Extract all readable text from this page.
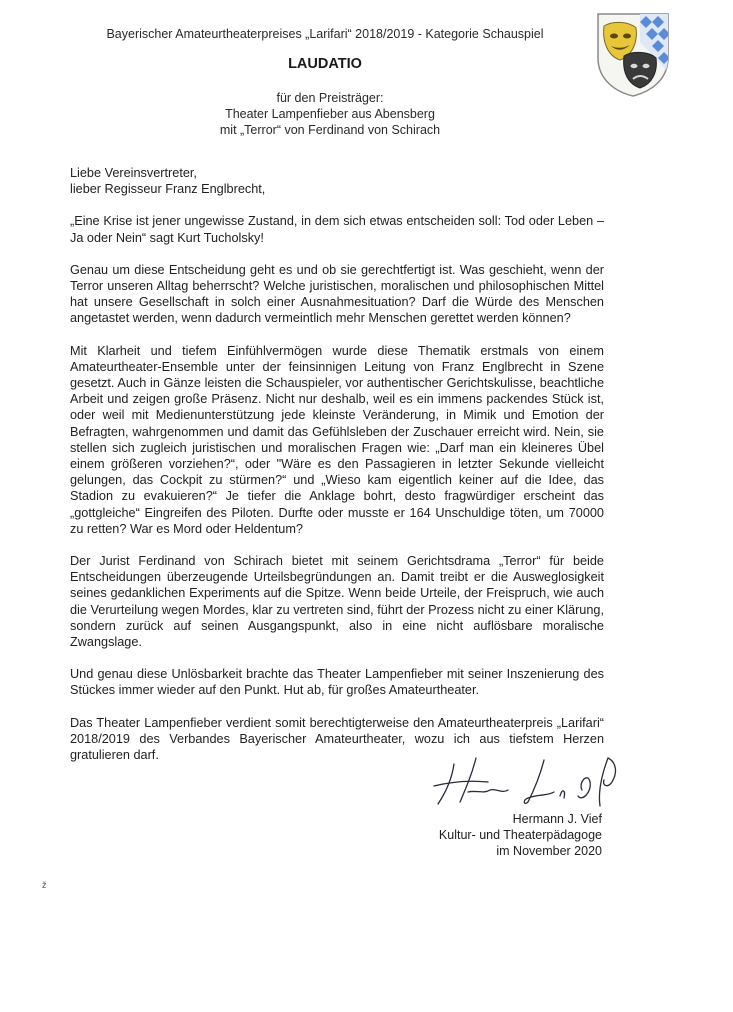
Bayerischer Amateurtheaterpreises „Larifari“ 2018/2019 - Kategorie Schauspiel
LAUDATIO
für den Preisträger:
Theater Lampenfieber aus Abensberg
mit „Terror“ von Ferdinand von Schirach

Liebe Vereinsvertreter,
lieber Regisseur Franz Englbrecht,

„Eine Krise ist jener ungewisse Zustand, in dem sich etwas entscheiden soll: Tod oder Leben – Ja oder Nein“ sagt Kurt Tucholsky!

Genau um diese Entscheidung geht es und ob sie gerechtfertigt ist. Was geschieht, wenn der Terror unseren Alltag beherrscht? Welche juristischen, moralischen und philosophischen Mittel hat unsere Gesellschaft in solch einer Ausnahmesituation? Darf die Würde des Menschen angetastet werden, wenn dadurch vermeintlich mehr Menschen gerettet werden können?

Mit Klarheit und tiefem Einfühlvermögen wurde diese Thematik erstmals von einem Amateurtheater-Ensemble unter der feinsinnigen Leitung von Franz Englbrecht in Szene gesetzt. Auch in Gänze leisten die Schauspieler, vor authentischer Gerichtskulisse, beachtliche Arbeit und zeigen große Präsenz. Nicht nur deshalb, weil es ein immens packendes Stück ist, oder weil mit Medienunterstützung jede kleinste Veränderung, in Mimik und Emotion der Befragten, wahrgenommen und damit das Gefühlsleben der Zuschauer erreicht wird. Nein, sie stellen sich zugleich juristischen und moralischen Fragen wie: „Darf man ein kleineres Übel einem größeren vorziehen?“, oder "Wäre es den Passagieren in letzter Sekunde vielleicht gelungen, das Cockpit zu stürmen?“ und „Wieso kam eigentlich keiner auf die Idee, das Stadion zu evakuieren?“ Je tiefer die Anklage bohrt, desto fragwürdiger erscheint das „gottgleiche“ Eingreifen des Piloten. Durfte oder musste er 164 Unschuldige töten, um 70000 zu retten? War es Mord oder Heldentum?

Der Jurist Ferdinand von Schirach bietet mit seinem Gerichtsdrama „Terror“ für beide Entscheidungen überzeugende Urteilsbegründungen an. Damit treibt er die Ausweglosigkeit seines gedanklichen Experiments auf die Spitze. Wenn beide Urteile, der Freispruch, wie auch die Verurteilung wegen Mordes, klar zu vertreten sind, führt der Prozess nicht zu einer Klärung, sondern zurück auf seinen Ausgangspunkt, also in eine nicht auflösbare moralische Zwangslage.

Und genau diese Unlösbarkeit brachte das Theater Lampenfieber mit seiner Inszenierung des Stückes immer wieder auf den Punkt. Hut ab, für großes Amateurtheater.

Das Theater Lampenfieber verdient somit berechtigterweise den Amateurtheaterpreis „Larifari“ 2018/2019 des Verbandes Bayerischer Amateurtheater, wozu ich aus tiefstem Herzen gratulieren darf.

Hermann J. Vief
Kultur- und Theaterpädagoge
im November 2020
ž
